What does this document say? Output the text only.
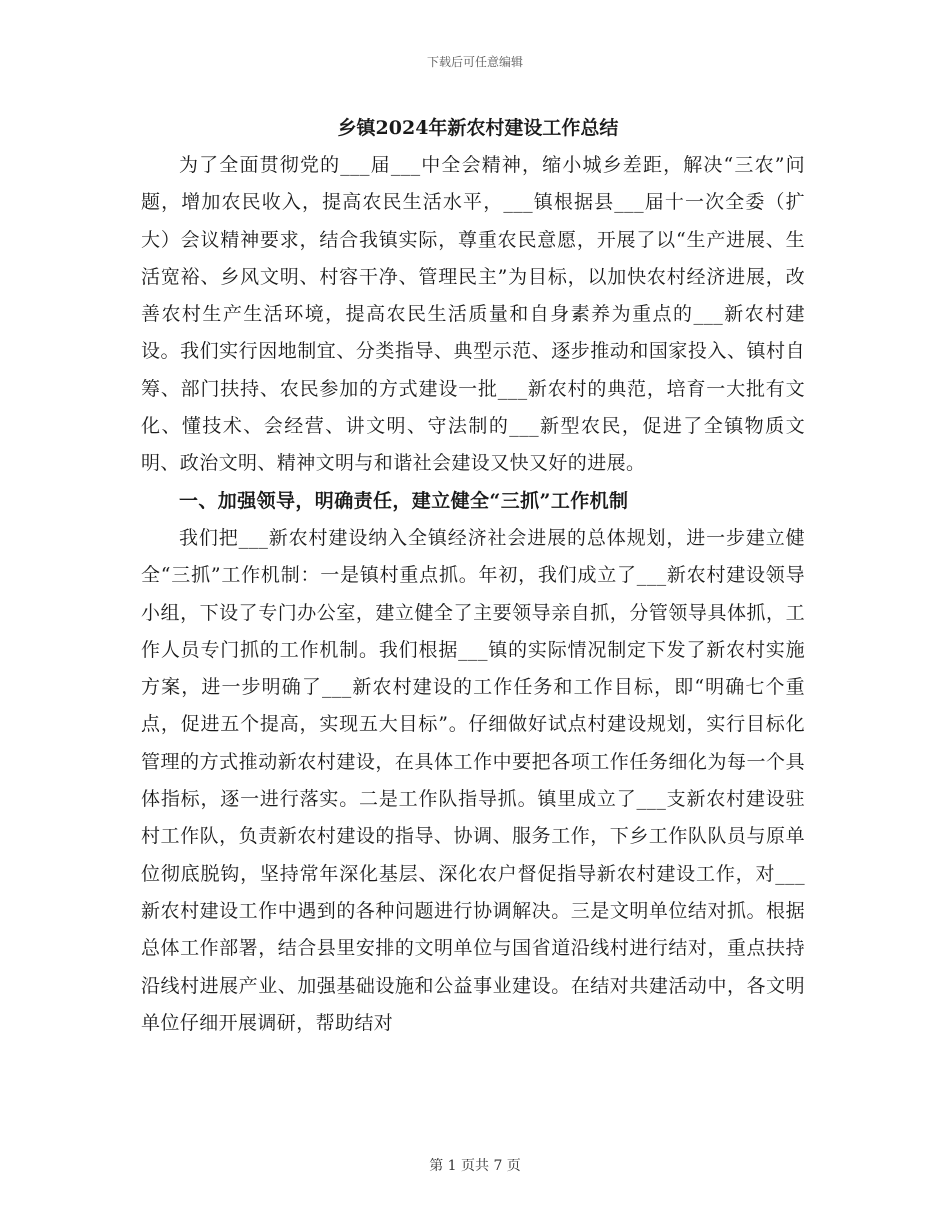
下载后可任意编辑
乡镇2024年新农村建设工作总结

为了全面贯彻党的___届___中全会精神，缩小城乡差距，解决“三农”问题，增加农民收入，提高农民生活水平，___镇根据县___届十一次全委（扩大）会议精神要求，结合我镇实际，尊重农民意愿，开展了以“生产进展、生活宽裕、乡风文明、村容干净、管理民主”为目标，以加快农村经济进展，改善农村生产生活环境，提高农民生活质量和自身素养为重点的___新农村建设。我们实行因地制宜、分类指导、典型示范、逐步推动和国家投入、镇村自筹、部门扶持、农民参加的方式建设一批___新农村的典范，培育一大批有文化、懂技术、会经营、讲文明、守法制的___新型农民，促进了全镇物质文明、政治文明、精神文明与和谐社会建设又快又好的进展。

一、加强领导，明确责任，建立健全“三抓”工作机制

我们把___新农村建设纳入全镇经济社会进展的总体规划，进一步建立健全“三抓”工作机制：一是镇村重点抓。年初，我们成立了___新农村建设领导小组，下设了专门办公室，建立健全了主要领导亲自抓，分管领导具体抓，工作人员专门抓的工作机制。我们根据___镇的实际情况制定下发了新农村实施方案，进一步明确了___新农村建设的工作任务和工作目标，即“明确七个重点，促进五个提高，实现五大目标”。仔细做好试点村建设规划，实行目标化管理的方式推动新农村建设，在具体工作中要把各项工作任务细化为每一个具体指标，逐一进行落实。二是工作队指导抓。镇里成立了___支新农村建设驻村工作队，负责新农村建设的指导、协调、服务工作，下乡工作队队员与原单位彻底脱钩，坚持常年深化基层、深化农户督促指导新农村建设工作，对___新农村建设工作中遇到的各种问题进行协调解决。三是文明单位结对抓。根据总体工作部署，结合县里安排的文明单位与国省道沿线村进行结对，重点扶持沿线村进展产业、加强基础设施和公益事业建设。在结对共建活动中，各文明单位仔细开展调研，帮助结对

第 1 页共 7 页
